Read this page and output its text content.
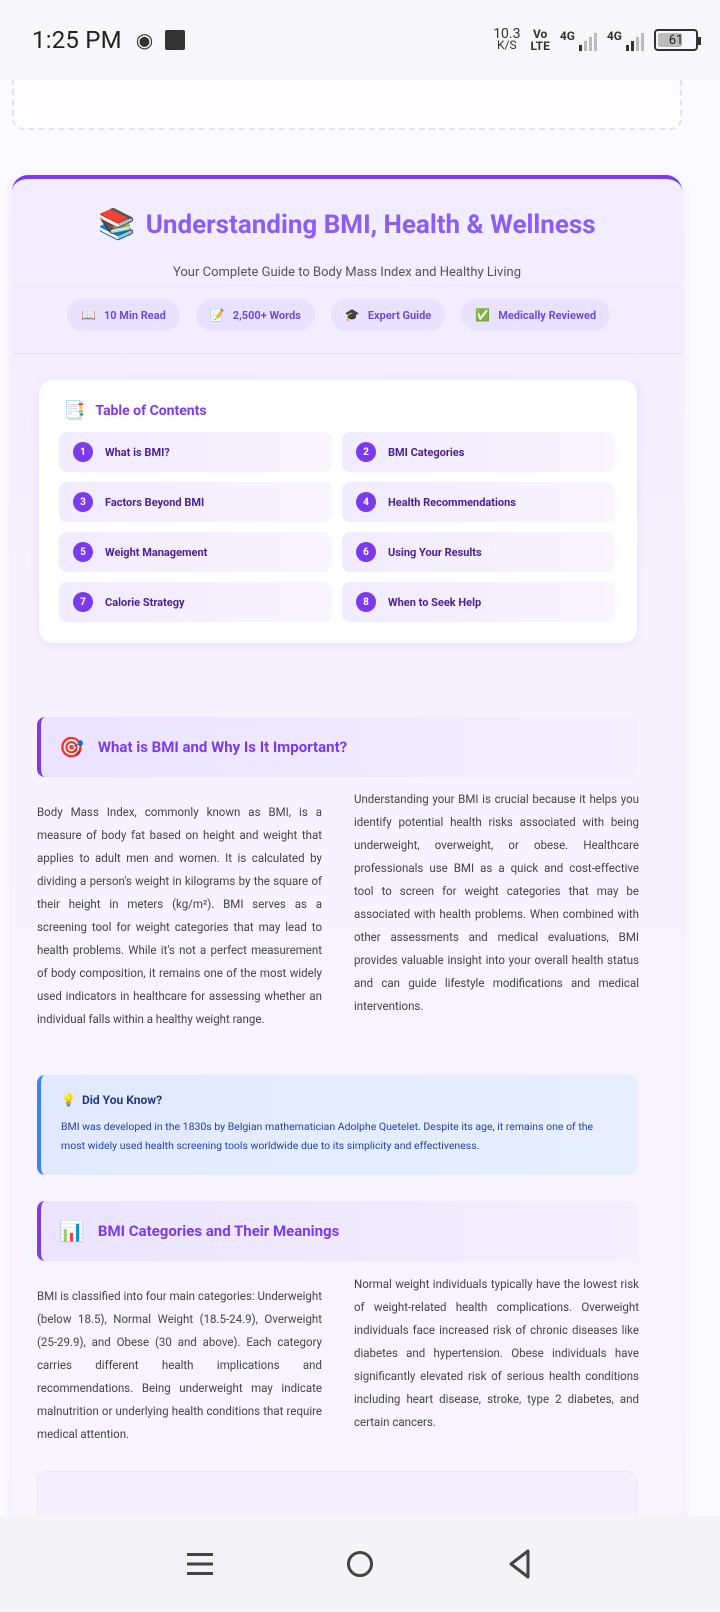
1:25 PM ◉	10.3
K/S
Vo
LTE
4G	4G	61
📚 Understanding BMI, Health & Wellness
Your Complete Guide to Body Mass Index and Healthy Living
📖 10 Min Read	📝 2,500+ Words	🎓 Expert Guide	✅ Medically Reviewed
📑 Table of Contents
1	What is BMI?	2	BMI Categories
3	Factors Beyond BMI	4	Health Recommendations
5	Weight Management	6	Using Your Results
7	Calorie Strategy	8	When to Seek Help
🎯 What is BMI and Why Is It Important?
Body Mass Index, commonly known as BMI, is a measure of body fat based on height and weight that applies to adult men and women. It is calculated by dividing a person's weight in kilograms by the square of their height in meters (kg/m²). BMI serves as a screening tool for weight categories that may lead to health problems. While it's not a perfect measurement of body composition, it remains one of the most widely used indicators in healthcare for assessing whether an individual falls within a healthy weight range.
Understanding your BMI is crucial because it helps you identify potential health risks associated with being underweight, overweight, or obese. Healthcare professionals use BMI as a quick and cost-effective tool to screen for weight categories that may be associated with health problems. When combined with other assessments and medical evaluations, BMI provides valuable insight into your overall health status and can guide lifestyle modifications and medical interventions.
💡 Did You Know?
BMI was developed in the 1830s by Belgian mathematician Adolphe Quetelet. Despite its age, it remains one of the most widely used health screening tools worldwide due to its simplicity and effectiveness.
📊 BMI Categories and Their Meanings
BMI is classified into four main categories: Underweight (below 18.5), Normal Weight (18.5-24.9), Overweight (25-29.9), and Obese (30 and above). Each category carries different health implications and recommendations. Being underweight may indicate malnutrition or underlying health conditions that require medical attention.
Normal weight individuals typically have the lowest risk of weight-related health complications. Overweight individuals face increased risk of chronic diseases like diabetes and hypertension. Obese individuals have significantly elevated risk of serious health conditions including heart disease, stroke, type 2 diabetes, and certain cancers.
